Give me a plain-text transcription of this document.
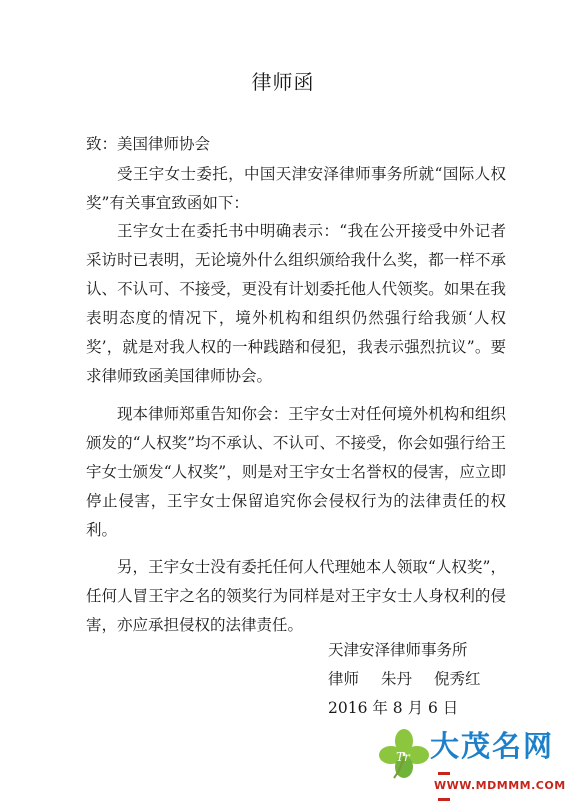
律师函
致：美国律师协会
受王宇女士委托，中国天津安泽律师事务所就“国际人权奖”有关事宜致函如下：
王宇女士在委托书中明确表示：“我在公开接受中外记者采访时已表明，无论境外什么组织颁给我什么奖，都一样不承认、不认可、不接受，更没有计划委托他人代领奖。如果在我表明态度的情况下，境外机构和组织仍然强行给我颁‘人权奖’，就是对我人权的一种践踏和侵犯，我表示强烈抗议”。要求律师致函美国律师协会。
现本律师郑重告知你会：王宇女士对任何境外机构和组织颁发的“人权奖”均不承认、不认可、不接受，你会如强行给王宇女士颁发“人权奖”，则是对王宇女士名誉权的侵害，应立即停止侵害，王宇女士保留追究你会侵权行为的法律责任的权利。
另，王宇女士没有委托任何人代理她本人领取“人权奖”，任何人冒王宇之名的领奖行为同样是对王宇女士人身权利的侵害，亦应承担侵权的法律责任。
天津安泽律师事务所
律师 朱丹 倪秀红
2016 年 8 月 6 日
Tr 大茂名网
WWW.MDMMM.COM
